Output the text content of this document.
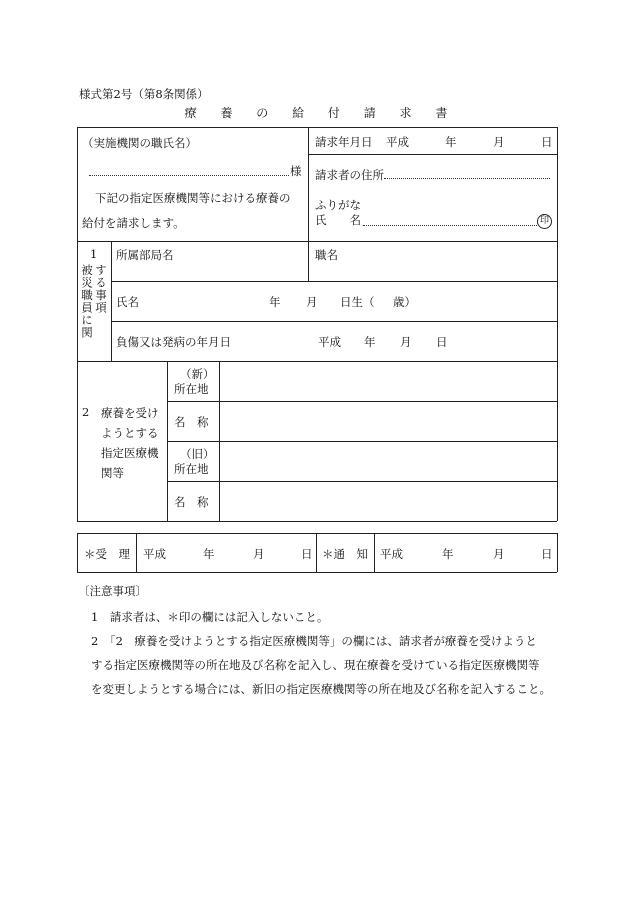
様式第2号（第8条関係）
療 養 の 給 付 請 求 書
（実施機関の職氏名）
様
下記の指定医療機関等における療養の
給付を請求します。
請求年月日 平成	年	月	日
請求者の住所
ふりがな
氏　　名	印
1
被災職員に関 する事項
所属部局名	職名
氏名	年 月 日生（ 歳）
負傷又は発病の年月日	平成 年 月 日
2 療養を受け
ようとする
指定医療機
関等
（新）
所在地
名　称
（旧）
所在地
名　称
＊受　理 平成	年	月	日 ＊通　知 平成	年	月	日
〔注意事項〕
1　請求者は、＊印の欄には記入しないこと。
2　「2　療養を受けようとする指定医療機関等」の欄には、請求者が療養を受けようと
する指定医療機関等の所在地及び名称を記入し、現在療養を受けている指定医療機関等
を変更しようとする場合には、新旧の指定医療機関等の所在地及び名称を記入すること。
